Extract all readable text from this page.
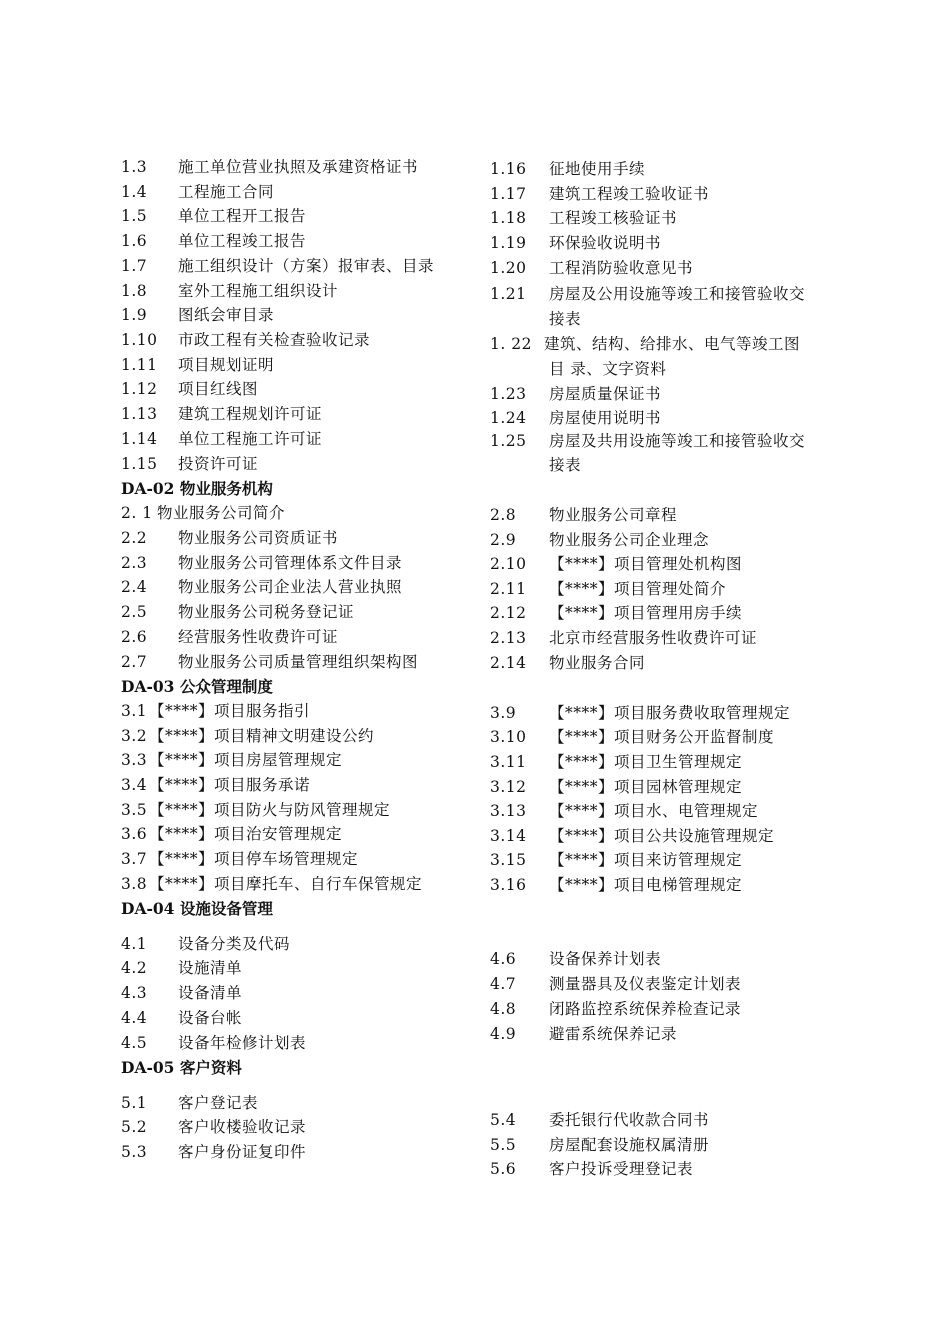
1.3 施工单位营业执照及承建资格证书
1.4 工程施工合同
1.5 单位工程开工报告
1.6 单位工程竣工报告
1.7 施工组织设计（方案）报审表、目录
1.8 室外工程施工组织设计
1.9 图纸会审目录
1.10 市政工程有关检查验收记录
1.11 项目规划证明
1.12 项目红线图
1.13 建筑工程规划许可证
1.14 单位工程施工许可证
1.15 投资许可证
1.16 征地使用手续
1.17 建筑工程竣工验收证书
1.18 工程竣工核验证书
1.19 环保验收说明书
1.20 工程消防验收意见书
1.21 房屋及公用设施等竣工和接管验收交
接表
1. 22 建筑、结构、给排水、电气等竣工图
目 录、文字资料
1.23 房屋质量保证书
1.24 房屋使用说明书
1.25 房屋及共用设施等竣工和接管验收交
接表
DA-02 物业服务机构
2. 1 物业服务公司简介
2.2 物业服务公司资质证书
2.3 物业服务公司管理体系文件目录
2.4 物业服务公司企业法人营业执照
2.5 物业服务公司税务登记证
2.6 经营服务性收费许可证
2.7 物业服务公司质量管理组织架构图
2.8 物业服务公司章程
2.9 物业服务公司企业理念
2.10 【****】项目管理处机构图
2.11 【****】项目管理处简介
2.12 【****】项目管理用房手续
2.13 北京市经营服务性收费许可证
2.14 物业服务合同
DA-03 公众管理制度
3.1 【****】项目服务指引
3.2 【****】项目精神文明建设公约
3.3 【****】项目房屋管理规定
3.4 【****】项目服务承诺
3.5 【****】项目防火与防风管理规定
3.6 【****】项目治安管理规定
3.7 【****】项目停车场管理规定
3.8 【****】项目摩托车、自行车保管规定
3.9 【****】项目服务费收取管理规定
3.10 【****】项目财务公开监督制度
3.11 【****】项目卫生管理规定
3.12 【****】项目园林管理规定
3.13 【****】项目水、电管理规定
3.14 【****】项目公共设施管理规定
3.15 【****】项目来访管理规定
3.16 【****】项目电梯管理规定
DA-04 设施设备管理
4.1 设备分类及代码
4.2 设施清单
4.3 设备清单
4.4 设备台帐
4.5 设备年检修计划表
4.6 设备保养计划表
4.7 测量器具及仪表鉴定计划表
4.8 闭路监控系统保养检查记录
4.9 避雷系统保养记录
DA-05 客户资料
5.1 客户登记表
5.2 客户收楼验收记录
5.3 客户身份证复印件
5.4 委托银行代收款合同书
5.5 房屋配套设施权属清册
5.6 客户投诉受理登记表
